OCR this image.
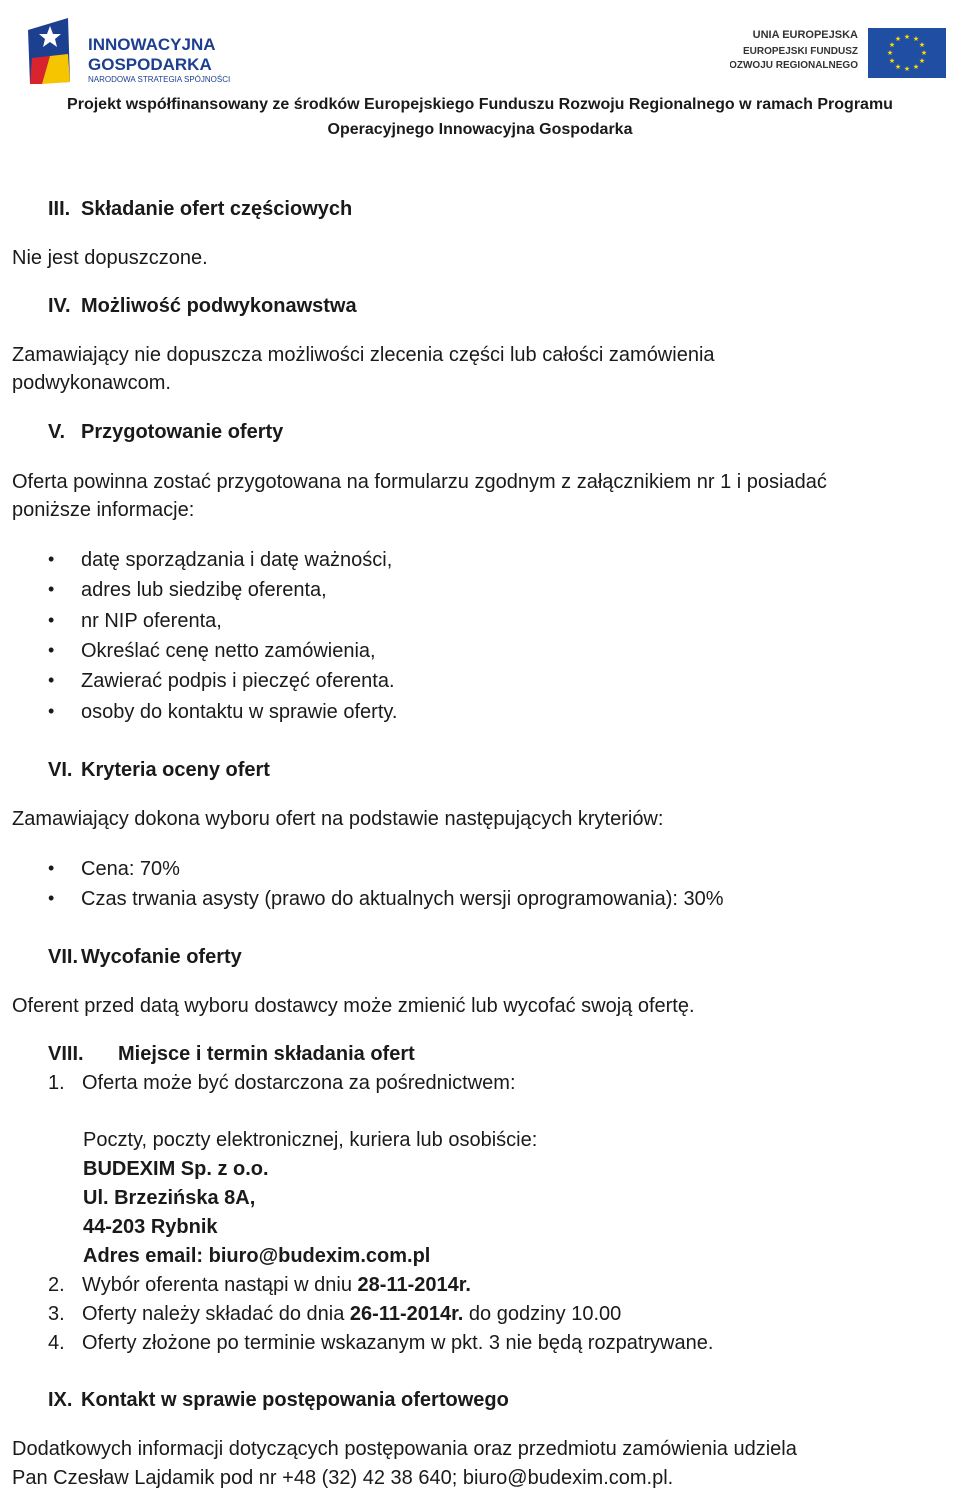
INNOWACYJNA
GOSPODARKA
NARODOWA STRATEGIA SPÓJNOŚCI
UNIA EUROPEJSKA
EUROPEJSKI FUNDUSZ
ROZWOJU REGIONALNEGO
★ ★
★
★
★
★
★
★
★
★
★
★
Projekt współfinansowany ze środków Europejskiego Funduszu Rozwoju Regionalnego w ramach Programu
Operacyjnego Innowacyjna Gospodarka
III. Składanie ofert częściowych
Nie jest dopuszczone.
IV. Możliwość podwykonawstwa
Zamawiający nie dopuszcza możliwości zlecenia części lub całości zamówienia
podwykonawcom.
V. Przygotowanie oferty
Oferta powinna zostać przygotowana na formularzu zgodnym z załącznikiem nr 1 i posiadać
poniższe informacje:
• datę sporządzania i datę ważności,
• adres lub siedzibę oferenta,
• nr NIP oferenta,
• Określać cenę netto zamówienia,
• Zawierać podpis i pieczęć oferenta.
• osoby do kontaktu w sprawie oferty.
VI. Kryteria oceny ofert
Zamawiający dokona wyboru ofert na podstawie następujących kryteriów:
• Cena: 70%
• Czas trwania asysty (prawo do aktualnych wersji oprogramowania): 30%
VII. Wycofanie oferty
Oferent przed datą wyboru dostawcy może zmienić lub wycofać swoją ofertę.
VIII. Miejsce i termin składania ofert
1. Oferta może być dostarczona za pośrednictwem:
Poczty, poczty elektronicznej, kuriera lub osobiście:
BUDEXIM Sp. z o.o.
Ul. Brzezińska 8A,
44-203 Rybnik
Adres email: biuro@budexim.com.pl
2. Wybór oferenta nastąpi w dniu 28-11-2014r.
3. Oferty należy składać do dnia 26-11-2014r. do godziny 10.00
4. Oferty złożone po terminie wskazanym w pkt. 3 nie będą rozpatrywane.
IX. Kontakt w sprawie postępowania ofertowego
Dodatkowych informacji dotyczących postępowania oraz przedmiotu zamówienia udziela
Pan Czesław Lajdamik pod nr +48 (32) 42 38 640; biuro@budexim.com.pl.
